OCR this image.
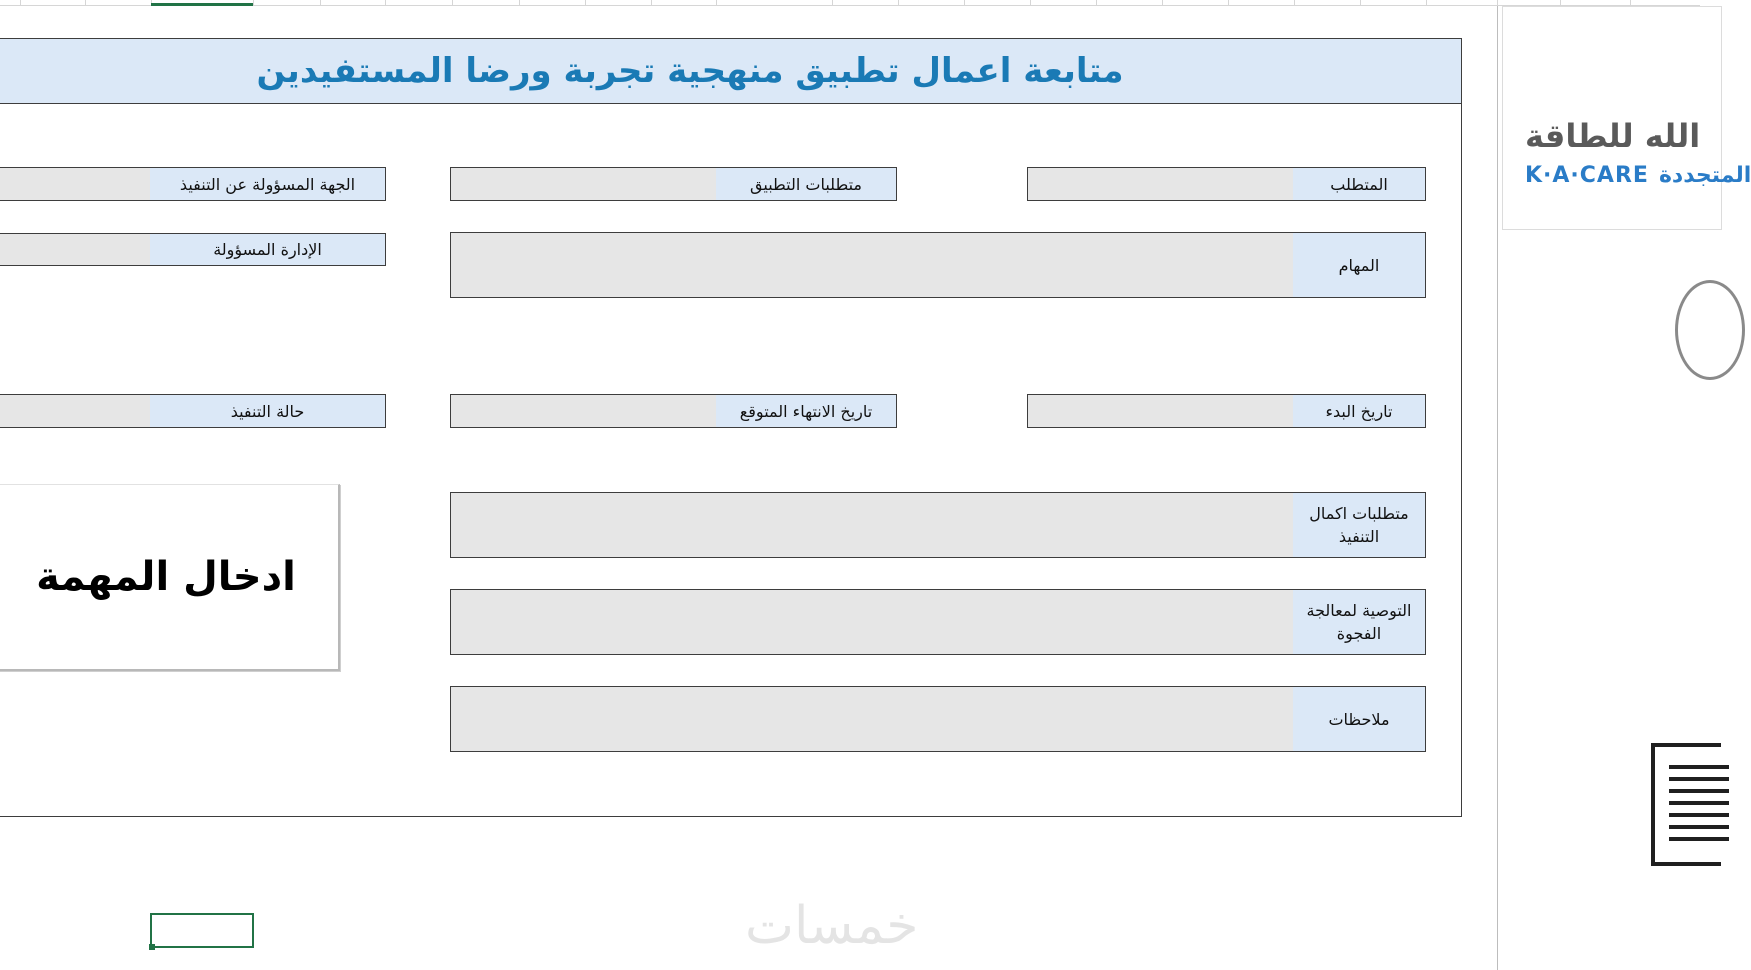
متابعة اعمال تطبيق منهجية تجربة ورضا المستفيدين
المتطلب
متطلبات التطبيق
الجهة المسؤولة عن التنفيذ
المهام
الإدارة المسؤولة
تاريخ البدء
تاريخ الانتهاء المتوقع
حالة التنفيذ
متطلبات اكمال التنفيذ
التوصية لمعالجة الفجوة
ملاحظات
ادخال المهمة
خمسات
الله للطاقة
K·A·CARE المتجددة
